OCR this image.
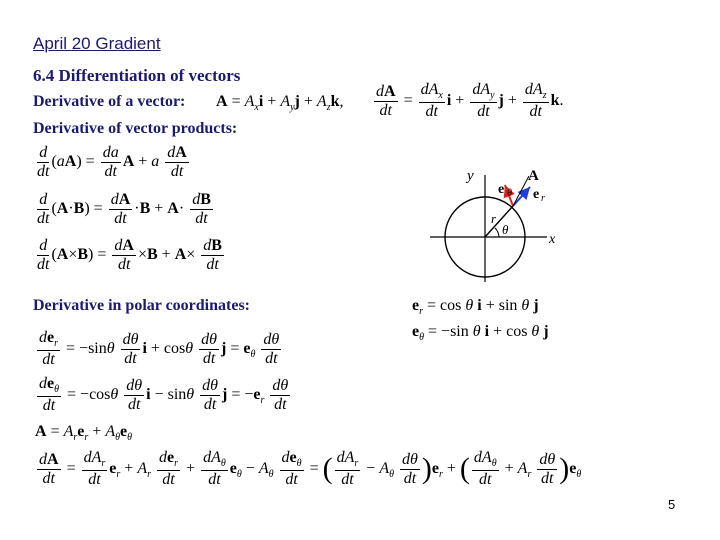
April 20 Gradient
6.4 Differentiation of vectors
Derivative of a vector:
Derivative of vector products:
Derivative in polar coordinates:
5
$A = A_xi + A_yj + A_zk$, $\frac{dA}{dt} = \frac{dA_x}{dt}$ $i + \frac{dA_y}{dt}$ $j + \frac{dA_z}{dt} k$.
$\frac{d}{dt} (aA) = \frac{da}{dt}$ A + a $\frac{dA}{dt}$
$\frac{d}{dt} (A\cdot B) = \frac{dA}{dt} \cdot B + A\cdot \frac{dB}{dt}$
$\frac{d}{dt} (A\times B) = \frac{dA}{dt} \times B + A\times \frac{dB}{dt}$
y
x
A
e θ e r
r
θ
$e_r = \cos \theta$ i + sin θ j
$e_\theta = -\sin$ θ i + cos θ j
$\frac{de_r}{dt} = -\sin\theta \frac{d\theta}{dt}$ i + cosθ $\frac{d\theta}{dt}$ $j = e_\theta \frac{d\theta}{dt}$
$\frac{de_\theta}{dt} = -\cos\theta \frac{d\theta}{dt}$ i − sinθ $\frac{d\theta}{dt}$ $j = -e_r \frac{d\theta}{dt}$
$A = A_re_r + A_\theta e_\theta$
$\frac{dA}{dt} = \frac{dA_r}{dt} e_r + A_r \frac{de_r}{dt} + \frac{dA_\theta}{dt} e_\theta - A_\theta \frac{de_\theta}{dt}$ = ( $\frac{dA_r}{dt} - A_\theta \frac{d\theta}{dt} )e_r$ + ( $\frac{dA_\theta}{dt} + A_r \frac{d\theta}{dt} )e_\theta$
